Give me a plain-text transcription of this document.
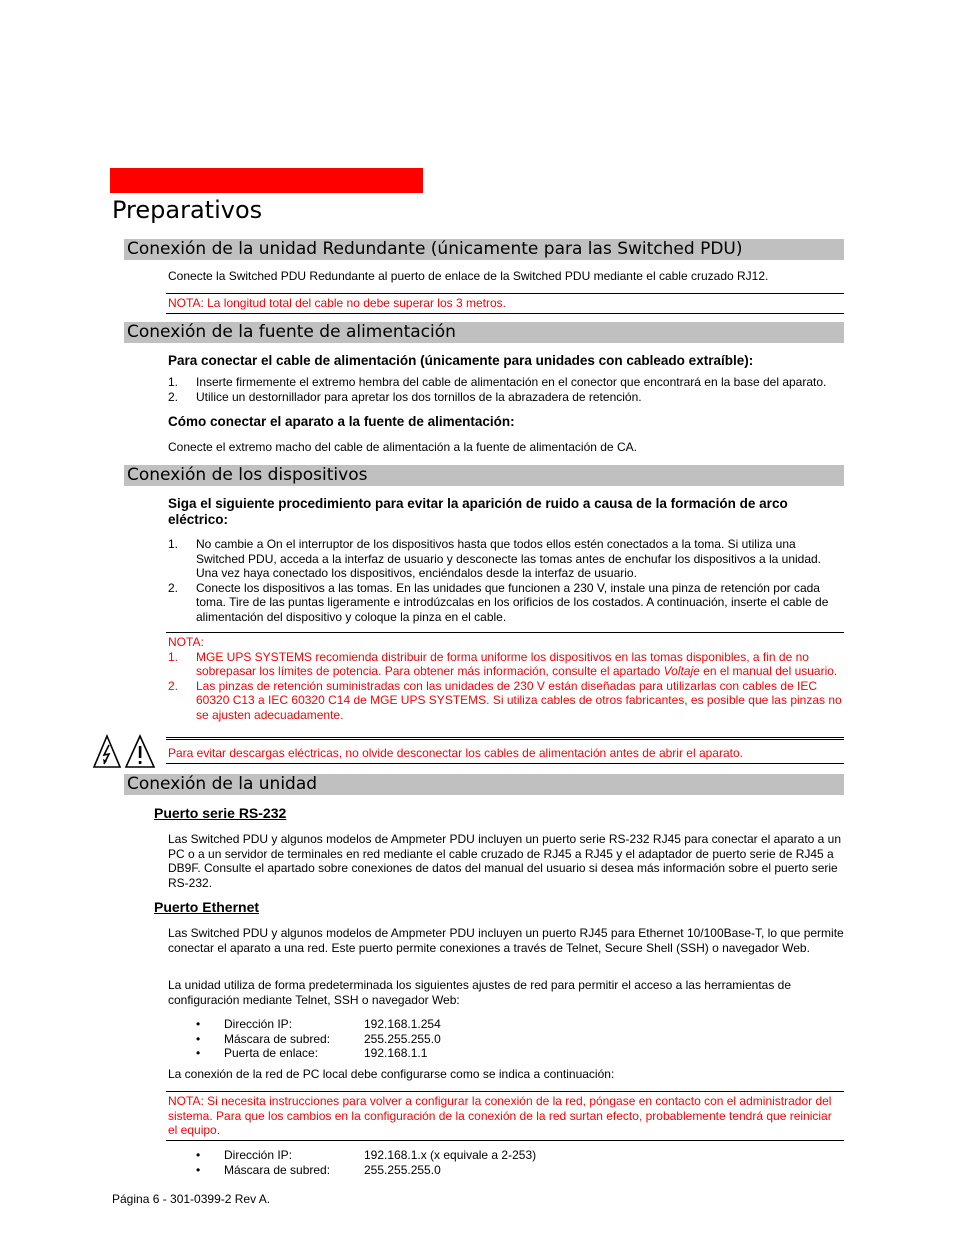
Preparativos
Conexión de la unidad Redundante (únicamente para las Switched PDU)

Conecte la Switched PDU Redundante al puerto de enlace de la Switched PDU mediante el cable cruzado RJ12.

NOTA: La longitud total del cable no debe superar los 3 metros.
Conexión de la fuente de alimentación

Para conectar el cable de alimentación (únicamente para unidades con cableado extraíble):

1. Inserte firmemente el extremo hembra del cable de alimentación en el conector que encontrará en la base del aparato.
2. Utilice un destornillador para apretar los dos tornillos de la abrazadera de retención.

Cómo conectar el aparato a la fuente de alimentación:

Conecte el extremo macho del cable de alimentación a la fuente de alimentación de CA.

Conexión de los dispositivos

Siga el siguiente procedimiento para evitar la aparición de ruido a causa de la formación de arco eléctrico:

1. No cambie a On el interruptor de los dispositivos hasta que todos ellos estén conectados a la toma. Si utiliza una Switched PDU, acceda a la interfaz de usuario y desconecte las tomas antes de enchufar los dispositivos a la unidad. Una vez haya conectado los dispositivos, enciéndalos desde la interfaz de usuario.
2. Conecte los dispositivos a las tomas. En las unidades que funcionen a 230 V, instale una pinza de retención por cada toma. Tire de las puntas ligeramente e introdúzcalas en los orificios de los costados. A continuación, inserte el cable de alimentación del dispositivo y coloque la pinza en el cable.
NOTA:
1. MGE UPS SYSTEMS recomienda distribuir de forma uniforme los dispositivos en las tomas disponibles, a fin de no sobrepasar los límites de potencia. Para obtener más información, consulte el apartado Voltaje en el manual del usuario.
2. Las pinzas de retención suministradas con las unidades de 230 V están diseñadas para utilizarlas con cables de IEC 60320 C13 a IEC 60320 C14 de MGE UPS SYSTEMS. Si utiliza cables de otros fabricantes, es posible que las pinzas no se ajusten adecuadamente.
Para evitar descargas eléctricas, no olvide desconectar los cables de alimentación antes de abrir el aparato.
Conexión de la unidad

Puerto serie RS-232

Las Switched PDU y algunos modelos de Ampmeter PDU incluyen un puerto serie RS-232 RJ45 para conectar el aparato a un PC o a un servidor de terminales en red mediante el cable cruzado de RJ45 a RJ45 y el adaptador de puerto serie de RJ45 a DB9F. Consulte el apartado sobre conexiones de datos del manual del usuario si desea más información sobre el puerto serie RS-232.

Puerto Ethernet

Las Switched PDU y algunos modelos de Ampmeter PDU incluyen un puerto RJ45 para Ethernet 10/100Base-T, lo que permite conectar el aparato a una red. Este puerto permite conexiones a través de Telnet, Secure Shell (SSH) o navegador Web.

La unidad utiliza de forma predeterminada los siguientes ajustes de red para permitir el acceso a las herramientas de configuración mediante Telnet, SSH o navegador Web:

• Dirección IP:	192.168.1.254
• Máscara de subred:	255.255.255.0
• Puerta de enlace:	192.168.1.1

La conexión de la red de PC local debe configurarse como se indica a continuación:

NOTA: Si necesita instrucciones para volver a configurar la conexión de la red, póngase en contacto con el administrador del sistema. Para que los cambios en la configuración de la conexión de la red surtan efecto, probablemente tendrá que reiniciar el equipo.
• Dirección IP:	192.168.1.x (x equivale a 2-253)
• Máscara de subred:	255.255.255.0
Página 6 - 301-0399-2 Rev A.
